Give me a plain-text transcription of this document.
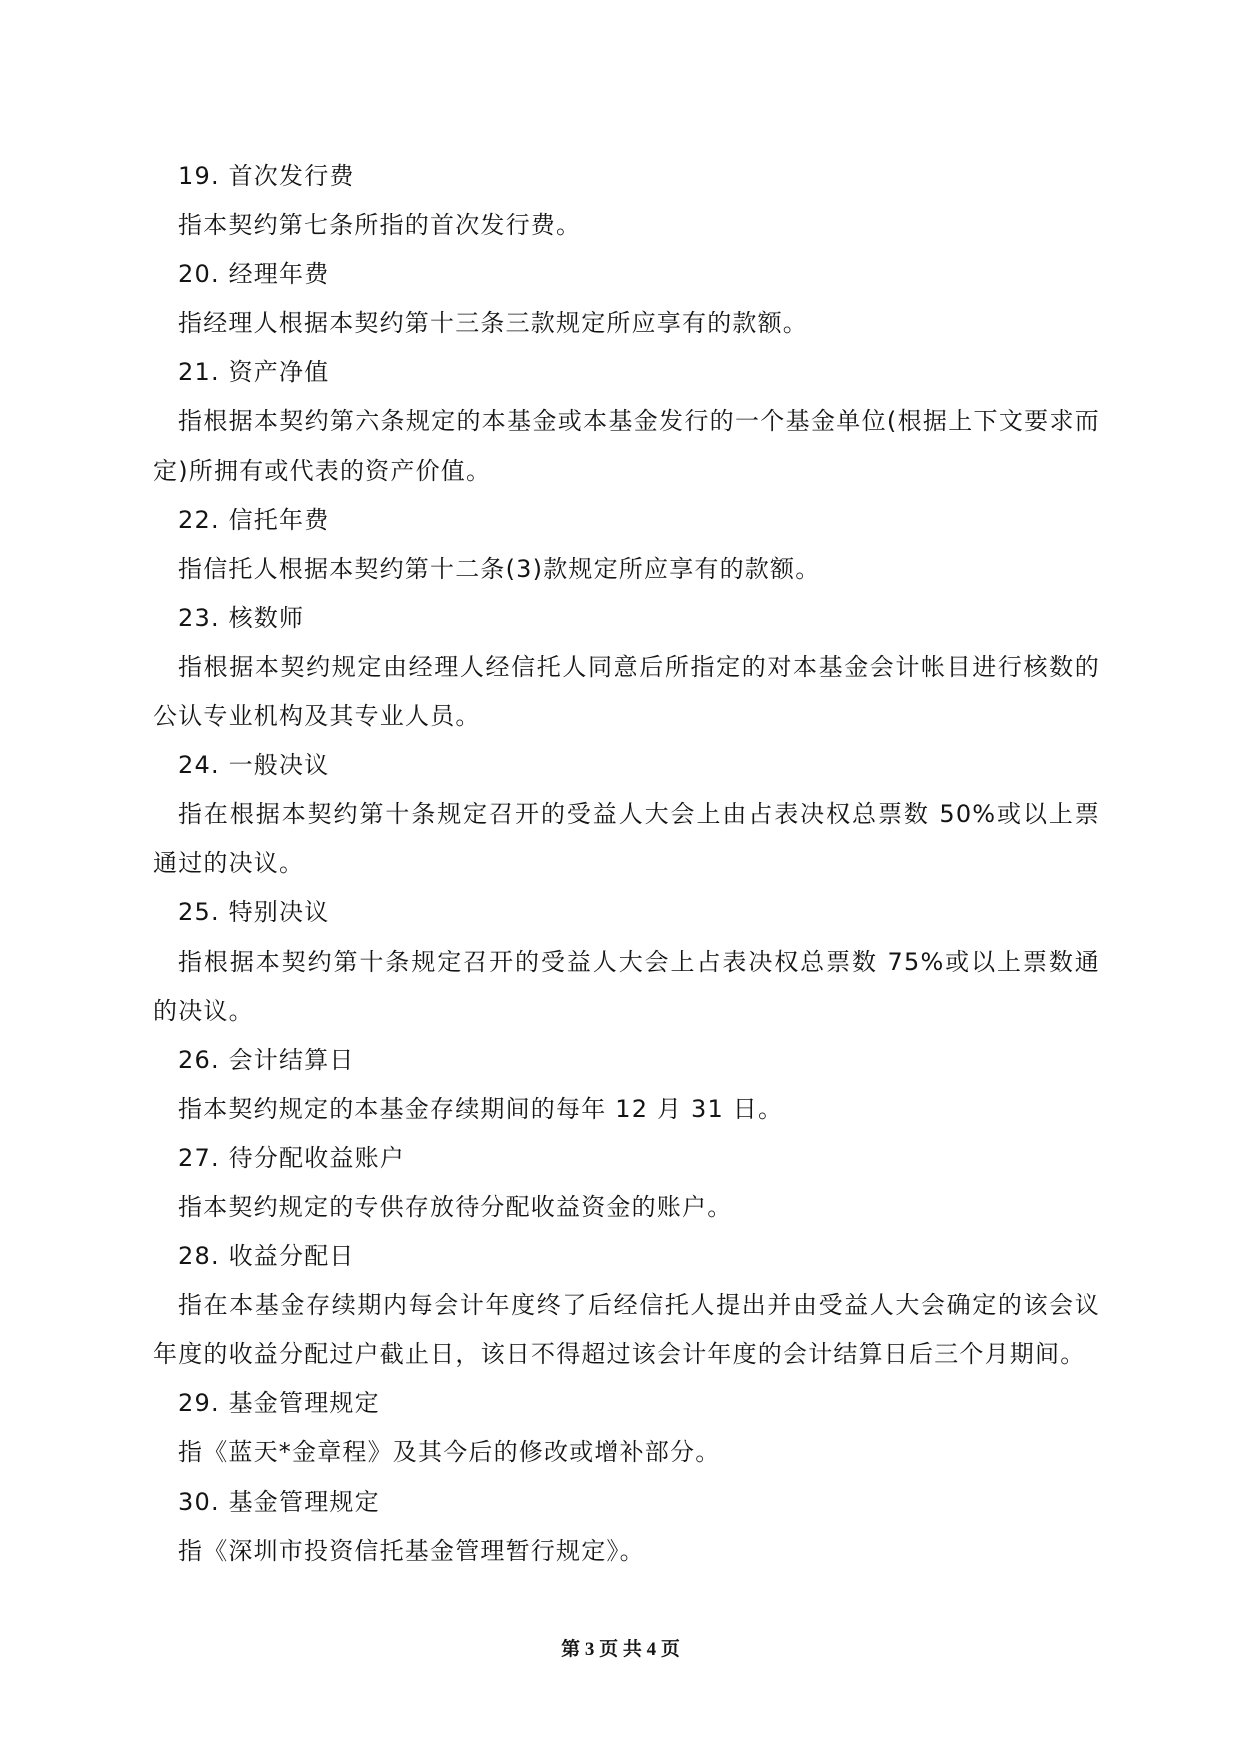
19. 首次发行费
指本契约第七条所指的首次发行费。
20. 经理年费
指经理人根据本契约第十三条三款规定所应享有的款额。
21. 资产净值
指根据本契约第六条规定的本基金或本基金发行的一个基金单位(根据上下文要求而
定)所拥有或代表的资产价值。
22. 信托年费
指信托人根据本契约第十二条(3)款规定所应享有的款额。
23. 核数师
指根据本契约规定由经理人经信托人同意后所指定的对本基金会计帐目进行核数的
公认专业机构及其专业人员。
24. 一般决议
指在根据本契约第十条规定召开的受益人大会上由占表决权总票数 50%或以上票
通过的决议。
25. 特别决议
指根据本契约第十条规定召开的受益人大会上占表决权总票数 75%或以上票数通
的决议。
26. 会计结算日
指本契约规定的本基金存续期间的每年 12 月 31 日。
27. 待分配收益账户
指本契约规定的专供存放待分配收益资金的账户。
28. 收益分配日
指在本基金存续期内每会计年度终了后经信托人提出并由受益人大会确定的该会议
年度的收益分配过户截止日，该日不得超过该会计年度的会计结算日后三个月期间。
29. 基金管理规定
指《蓝天*金章程》及其今后的修改或增补部分。
30. 基金管理规定
指《深圳市投资信托基金管理暂行规定》。
第 3 页 共 4 页
